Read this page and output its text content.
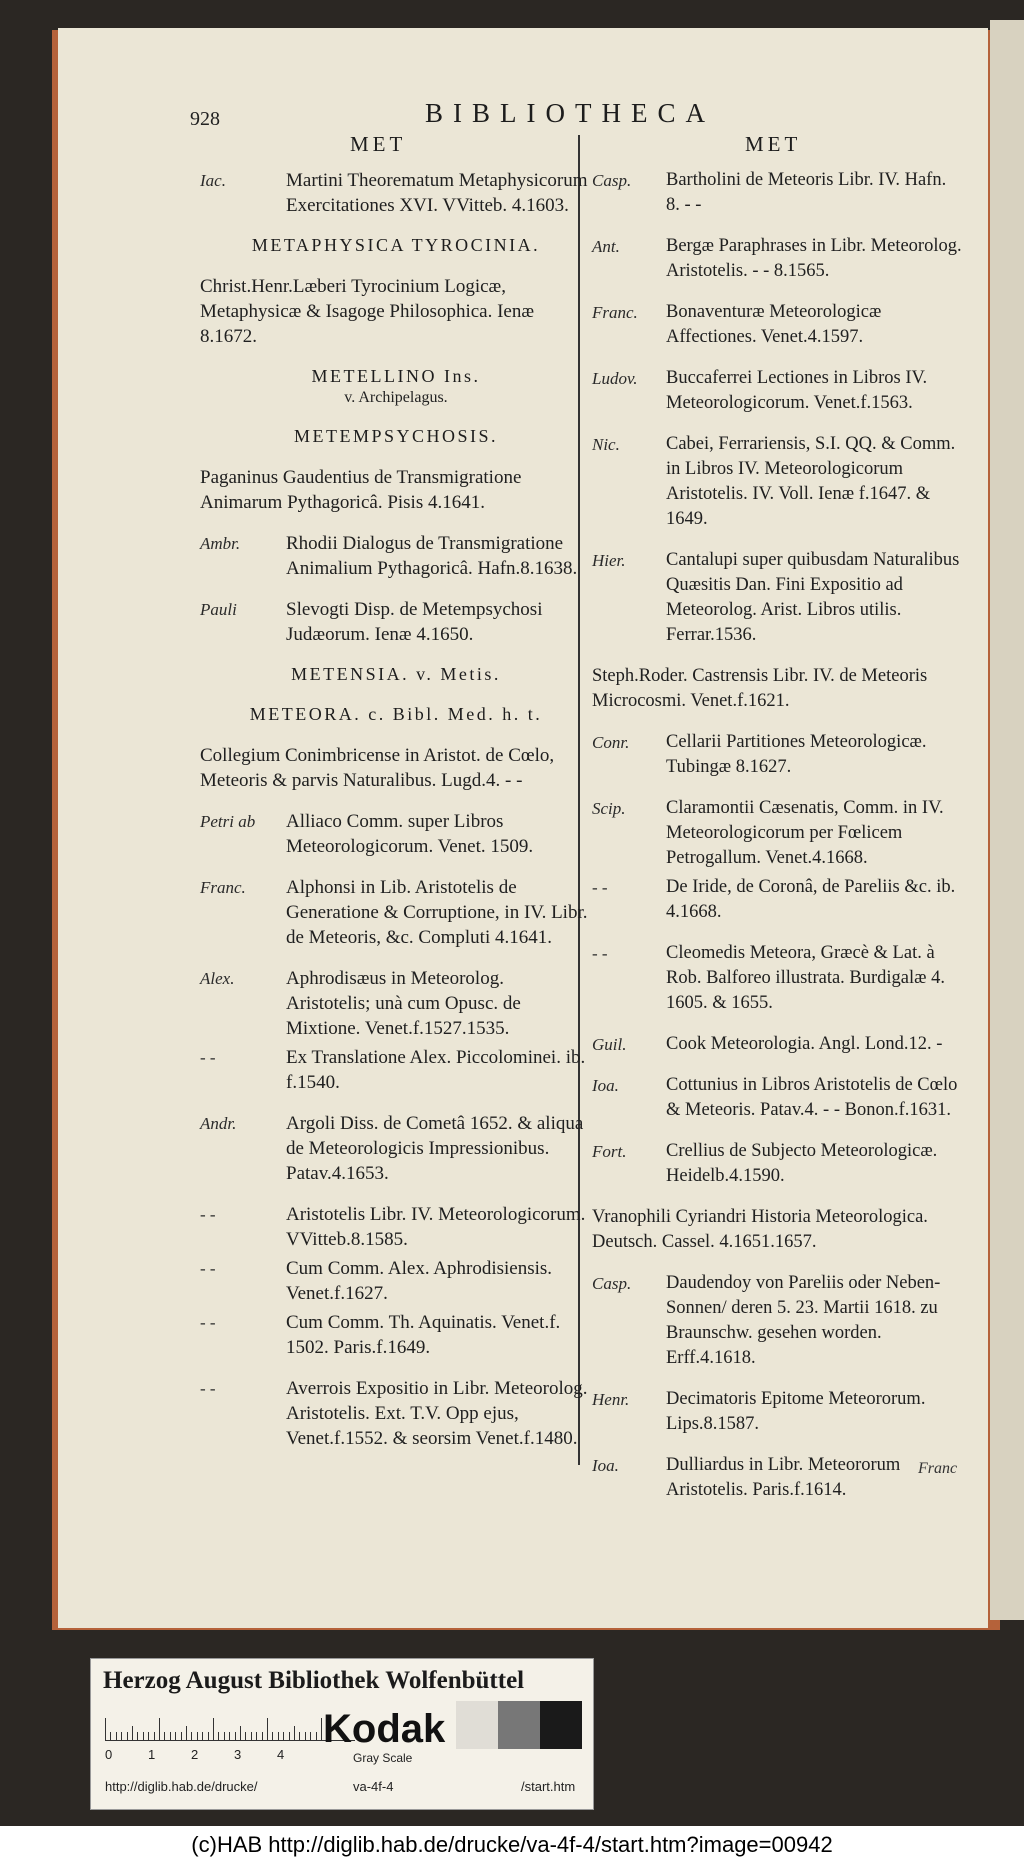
928	BIBLIOTHECA
MET	MET
Iac.	Martini Theorematum Metaphysicorum Exercitationes XVI. VVitteb. 4.1603.
METAPHYSICA TYROCINIA.
Christ.Henr.Læberi Tyrocinium Logicæ, Metaphysicæ & Isagoge Philosophica. Ienæ 8.1672.
METELLINO Ins.
v. Archipelagus.
METEMPSYCHOSIS.
Paganinus Gaudentius de Transmigratione Animarum Pythagoricâ. Pisis 4.1641.
Ambr.	Rhodii Dialogus de Transmigratione Animalium Pythagoricâ. Hafn.8.1638.
Pauli	Slevogti Disp. de Metempsychosi Judæorum. Ienæ 4.1650.
METENSIA. v. Metis.
METEORA. c. Bibl. Med. h. t.
Collegium Conimbricense in Aristot. de Cœlo, Meteoris & parvis Naturalibus. Lugd.4. - -
Petri ab	Alliaco Comm. super Libros Meteorologicorum. Venet. 1509.
Franc.	Alphonsi in Lib. Aristotelis de Generatione & Corruptione, in IV. Libr. de Meteoris, &c. Compluti 4.1641.
Alex.	Aphrodisæus in Meteorolog. Aristotelis; unà cum Opusc. de Mixtione. Venet.f.1527.1535.
- -	Ex Translatione Alex. Piccolominei. ib. f.1540.
Andr.	Argoli Diss. de Cometâ 1652. & aliqua de Meteorologicis Impressionibus. Patav.4.1653.
- -	Aristotelis Libr. IV. Meteorologicorum. VVitteb.8.1585.
- -	Cum Comm. Alex. Aphrodisiensis. Venet.f.1627.
- -	Cum Comm. Th. Aquinatis. Venet.f. 1502. Paris.f.1649.
- -	Averrois Expositio in Libr. Meteorolog. Aristotelis. Ext. T.V. Opp ejus, Venet.f.1552. & seorsim Venet.f.1480.
Casp.	Bartholini de Meteoris Libr. IV. Hafn. 8. - -
Ant.	Bergæ Paraphrases in Libr. Meteorolog. Aristotelis. - - 8.1565.
Franc.	Bonaventuræ Meteorologicæ Affectiones. Venet.4.1597.
Ludov.	Buccaferrei Lectiones in Libros IV. Meteorologicorum. Venet.f.1563.
Nic.	Cabei, Ferrariensis, S.I. QQ. & Comm. in Libros IV. Meteorologicorum Aristotelis. IV. Voll. Ienæ f.1647. & 1649.
Hier.	Cantalupi super quibusdam Naturalibus Quæsitis Dan. Fini Expositio ad Meteorolog. Arist. Libros utilis. Ferrar.1536.
Steph.Roder. Castrensis Libr. IV. de Meteoris Microcosmi. Venet.f.1621.
Conr.	Cellarii Partitiones Meteorologicæ. Tubingæ 8.1627.
Scip.	Claramontii Cæsenatis, Comm. in IV. Meteorologicorum per Fœlicem Petrogallum. Venet.4.1668.
- -	De Iride, de Coronâ, de Pareliis &c. ib. 4.1668.
- -	Cleomedis Meteora, Græcè & Lat. à Rob. Balforeo illustrata. Burdigalæ 4. 1605. & 1655.
Guil.	Cook Meteorologia. Angl. Lond.12. -
Ioa.	Cottunius in Libros Aristotelis de Cœlo & Meteoris. Patav.4. - - Bonon.f.1631.
Fort.	Crellius de Subjecto Meteorologicæ. Heidelb.4.1590.
Vranophili Cyriandri Historia Meteorologica. Deutsch. Cassel. 4.1651.1657.
Casp.	Daudendoy von Pareliis oder Neben-Sonnen/ deren 5. 23. Martii 1618. zu Braunschw. gesehen worden. Erff.4.1618.
Henr.	Decimatoris Epitome Meteororum. Lips.8.1587.
Ioa.	Dulliardus in Libr. Meteororum Aristotelis. Paris.f.1614.
Franc
Herzog August Bibliothek Wolfenbüttel
0	1	2	3	4
Kodak
Gray Scale
http://diglib.hab.de/drucke/	va-4f-4	/start.htm
(c)HAB http://diglib.hab.de/drucke/va-4f-4/start.htm?image=00942
